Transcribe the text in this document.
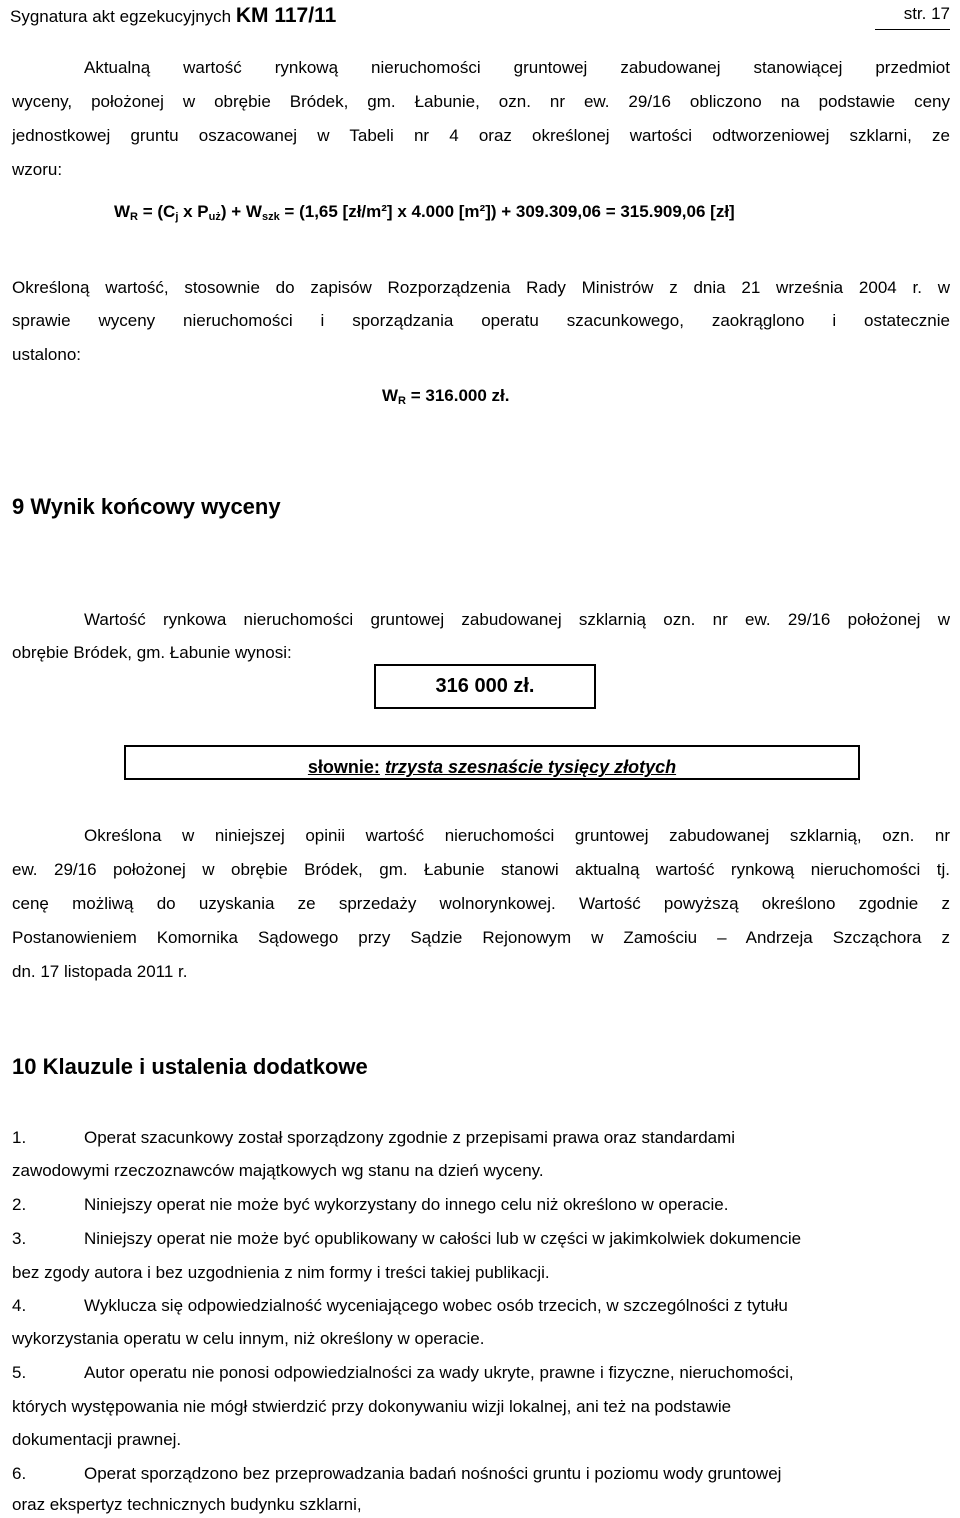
Sygnatura akt egzekucyjnych KM 117/11	str. 17
Aktualną wartość rynkową nieruchomości gruntowej zabudowanej stanowiącej przedmiot
wyceny, położonej w obrębie Bródek, gm. Łabunie, ozn. nr ew. 29/16 obliczono na podstawie ceny
jednostkowej gruntu oszacowanej w Tabeli nr 4 oraz określonej wartości odtworzeniowej szklarni, ze
wzoru:
$W_R = (C_j$ x $P_{uż}) + W_{szk} = (1,65$ [zł/m²] x 4.000 [m²]) + 309.309,06 = 315.909,06 [zł]
Określoną wartość, stosownie do zapisów Rozporządzenia Rady Ministrów z dnia 21 września 2004 r. w
sprawie wyceny nieruchomości i sporządzania operatu szacunkowego, zaokrąglono i ostatecznie
ustalono:
$W_R = 316.000$ zł.
9 Wynik końcowy wyceny
Wartość rynkowa nieruchomości gruntowej zabudowanej szklarnią ozn. nr ew. 29/16 położonej w
obrębie Bródek, gm. Łabunie wynosi:
316 000 zł.
słownie: trzysta szesnaście tysięcy złotych
Określona w niniejszej opinii wartość nieruchomości gruntowej zabudowanej szklarnią, ozn. nr
ew. 29/16 położonej w obrębie Bródek, gm. Łabunie stanowi aktualną wartość rynkową nieruchomości tj.
cenę możliwą do uzyskania ze sprzedaży wolnorynkowej. Wartość powyższą określono zgodnie z
Postanowieniem Komornika Sądowego przy Sądzie Rejonowym w Zamościu – Andrzeja Szcząchora z
dn. 17 listopada 2011 r.
10 Klauzule i ustalenia dodatkowe
1.	Operat szacunkowy został sporządzony zgodnie z przepisami prawa oraz standardami
zawodowymi rzeczoznawców majątkowych wg stanu na dzień wyceny.
2.	Niniejszy operat nie może być wykorzystany do innego celu niż określono w operacie.
3.	Niniejszy operat nie może być opublikowany w całości lub w części w jakimkolwiek dokumencie
bez zgody autora i bez uzgodnienia z nim formy i treści takiej publikacji.
4.	Wyklucza się odpowiedzialność wyceniającego wobec osób trzecich, w szczególności z tytułu
wykorzystania operatu w celu innym, niż określony w operacie.
5.	Autor operatu nie ponosi odpowiedzialności za wady ukryte, prawne i fizyczne, nieruchomości,
których występowania nie mógł stwierdzić przy dokonywaniu wizji lokalnej, ani też na podstawie
dokumentacji prawnej.
6.	Operat sporządzono bez przeprowadzania badań nośności gruntu i poziomu wody gruntowej
oraz ekspertyz technicznych budynku szklarni,
